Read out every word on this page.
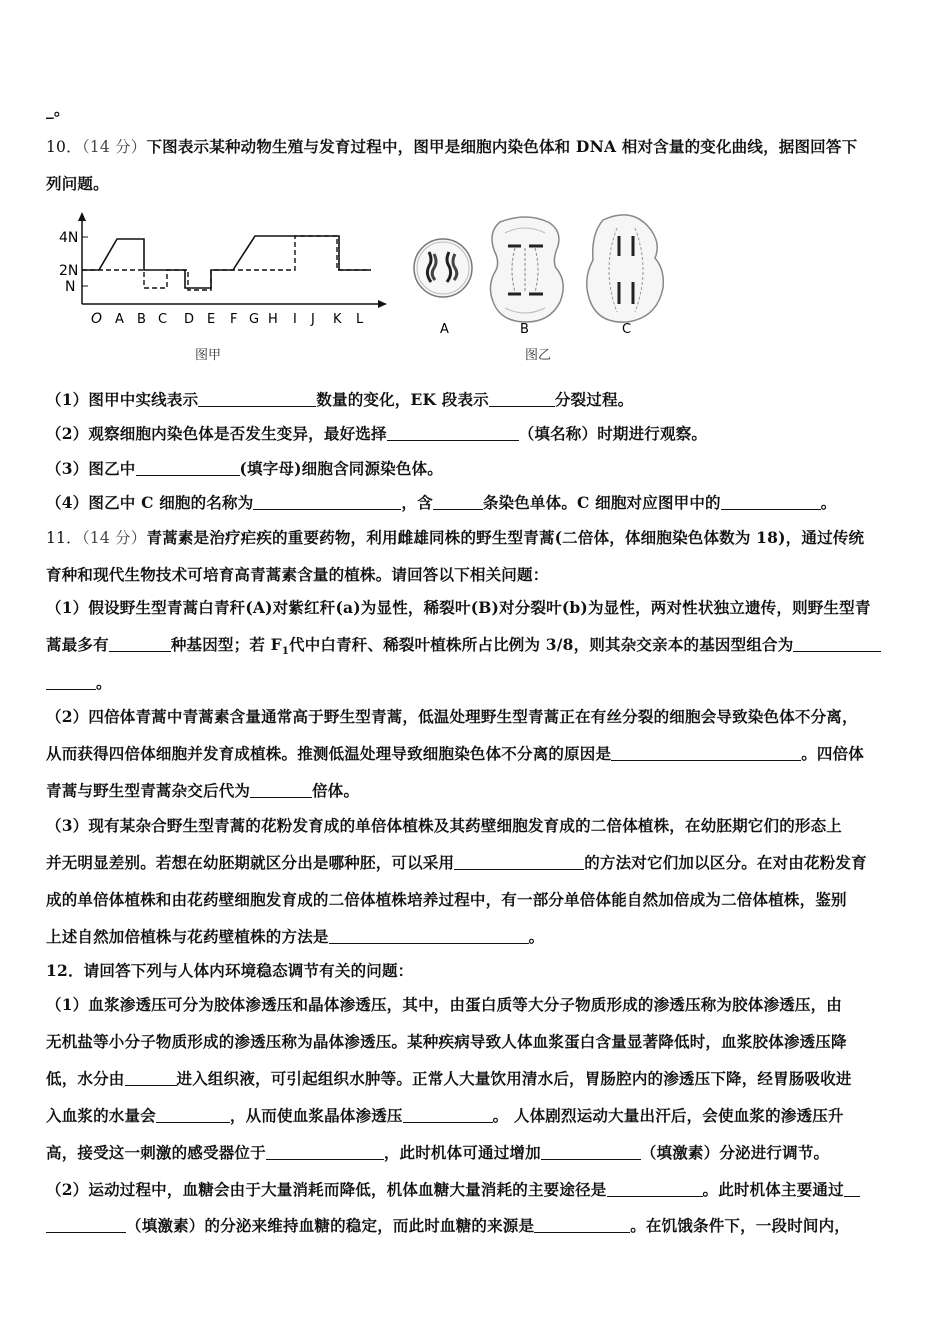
_。
10．（14 分）下图表示某种动物生殖与发育过程中，图甲是细胞内染色体和 DNA 相对含量的变化曲线，据图回答下
列问题。
4N
2N
N
O A B C D E F G H I J K L
图甲
A	B	C
图乙
（1）图甲中实线表示	数量的变化，EK 段表示	分裂过程。
（2）观察细胞内染色体是否发生变异，最好选择	（填名称）时期进行观察。
（3）图乙中	(填字母)细胞含同源染色体。
（4）图乙中 C 细胞的名称为	，含	条染色单体。C 细胞对应图甲中的	。
11．（14 分）青蒿素是治疗疟疾的重要药物，利用雌雄同株的野生型青蒿(二倍体，体细胞染色体数为 18)，通过传统
育种和现代生物技术可培育高青蒿素含量的植株。请回答以下相关问题：
（1）假设野生型青蒿白青秆(A)对紫红秆(a)为显性，稀裂叶(B)对分裂叶(b)为显性，两对性状独立遗传，则野生型青
蒿最多有	种基因型；若 $F_1$代中白青秆、稀裂叶植株所占比例为 3/8，则其杂交亲本的基因型组合为
。
（2）四倍体青蒿中青蒿素含量通常高于野生型青蒿，低温处理野生型青蒿正在有丝分裂的细胞会导致染色体不分离，
从而获得四倍体细胞并发育成植株。推测低温处理导致细胞染色体不分离的原因是	。四倍体
青蒿与野生型青蒿杂交后代为	倍体。
（3）现有某杂合野生型青蒿的花粉发育成的单倍体植株及其药壁细胞发育成的二倍体植株，在幼胚期它们的形态上
并无明显差别。若想在幼胚期就区分出是哪种胚，可以采用	的方法对它们加以区分。在对由花粉发育
成的单倍体植株和由花药壁细胞发育成的二倍体植株培养过程中，有一部分单倍体能自然加倍成为二倍体植株，鉴别
上述自然加倍植株与花药壁植株的方法是	。
12．请回答下列与人体内环境稳态调节有关的问题：
（1）血浆渗透压可分为胶体渗透压和晶体渗透压，其中，由蛋白质等大分子物质形成的渗透压称为胶体渗透压，由
无机盐等小分子物质形成的渗透压称为晶体渗透压。某种疾病导致人体血浆蛋白含量显著降低时，血浆胶体渗透压降
低，水分由	进入组织液，可引起组织水肿等。正常人大量饮用清水后，胃肠腔内的渗透压下降，经胃肠吸收进
入血浆的水量会	，从而使血浆晶体渗透压	。 人体剧烈运动大量出汗后，会使血浆的渗透压升
高，接受这一刺激的感受器位于	，此时机体可通过增加	（填激素）分泌进行调节。
（2）运动过程中，血糖会由于大量消耗而降低，机体血糖大量消耗的主要途径是	。此时机体主要通过
（填激素）的分泌来维持血糖的稳定，而此时血糖的来源是	。在饥饿条件下，一段时间内，
